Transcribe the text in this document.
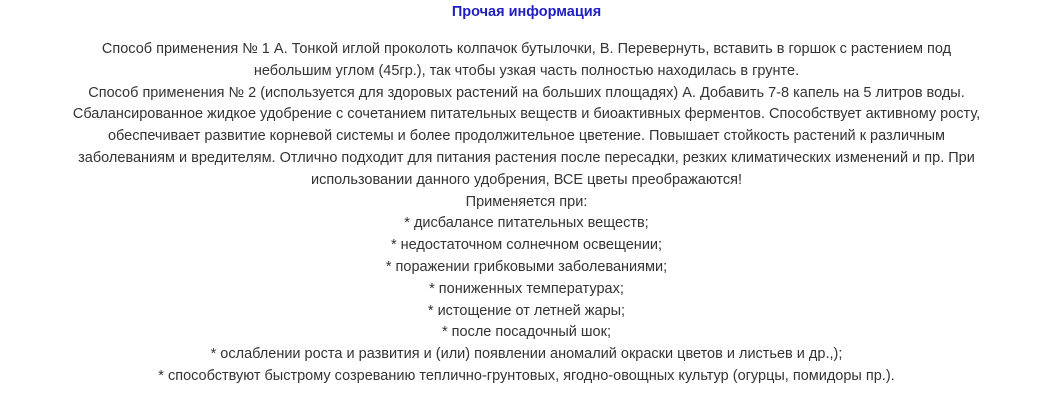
Прочая информация
Способ применения № 1 А. Тонкой иглой проколоть колпачок бутылочки, В. Перевернуть, вставить в горшок с растением под
небольшим углом (45гр.), так чтобы узкая часть полностью находилась в грунте.
Способ применения № 2 (используется для здоровых растений на больших площадях) А. Добавить 7-8 капель на 5 литров воды.
Сбалансированное жидкое удобрение с сочетанием питательных веществ и биоактивных ферментов. Способствует активному росту,
обеспечивает развитие корневой системы и более продолжительное цветение. Повышает стойкость растений к различным
заболеваниям и вредителям. Отлично подходит для питания растения после пересадки, резких климатических изменений и пр. При
использовании данного удобрения, ВСЕ цветы преображаются!
Применяется при:
* дисбалансе питательных веществ;
* недостаточном солнечном освещении;
* поражении грибковыми заболеваниями;
* пониженных температурах;
* истощение от летней жары;
* после посадочный шок;
* ослаблении роста и развития и (или) появлении аномалий окраски цветов и листьев и др.,);
* способствуют быстрому созреванию теплично-грунтовых, ягодно-овощных культур (огурцы, помидоры пр.).
